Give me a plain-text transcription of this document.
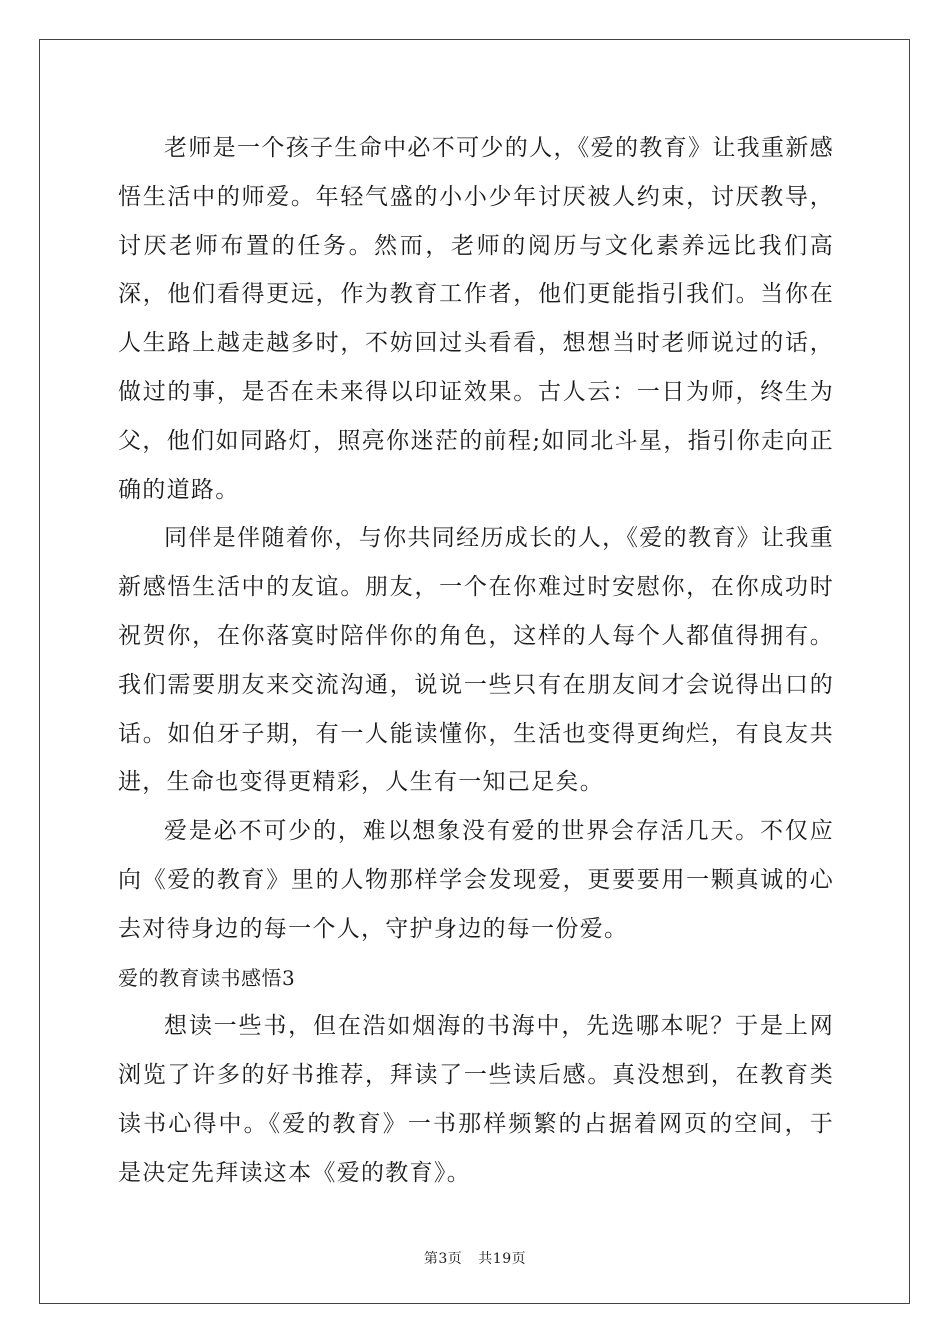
老师是一个孩子生命中必不可少的人，《爱的教育》让我重新感悟生活中的师爱。年轻气盛的小小少年讨厌被人约束，讨厌教导，讨厌老师布置的任务。然而，老师的阅历与文化素养远比我们高深，他们看得更远，作为教育工作者，他们更能指引我们。当你在人生路上越走越多时，不妨回过头看看，想想当时老师说过的话，做过的事，是否在未来得以印证效果。古人云：一日为师，终生为父，他们如同路灯，照亮你迷茫的前程;如同北斗星，指引你走向正确的道路。

同伴是伴随着你，与你共同经历成长的人，《爱的教育》让我重新感悟生活中的友谊。朋友，一个在你难过时安慰你，在你成功时祝贺你，在你落寞时陪伴你的角色，这样的人每个人都值得拥有。我们需要朋友来交流沟通，说说一些只有在朋友间才会说得出口的话。如伯牙子期，有一人能读懂你，生活也变得更绚烂，有良友共进，生命也变得更精彩，人生有一知己足矣。

爱是必不可少的，难以想象没有爱的世界会存活几天。不仅应向《爱的教育》里的人物那样学会发现爱，更要要用一颗真诚的心去对待身边的每一个人，守护身边的每一份爱。

爱的教育读书感悟3

想读一些书，但在浩如烟海的书海中，先选哪本呢？于是上网浏览了许多的好书推荐，拜读了一些读后感。真没想到，在教育类读书心得中。《爱的教育》一书那样频繁的占据着网页的空间，于是决定先拜读这本《爱的教育》。

第3页 共19页
